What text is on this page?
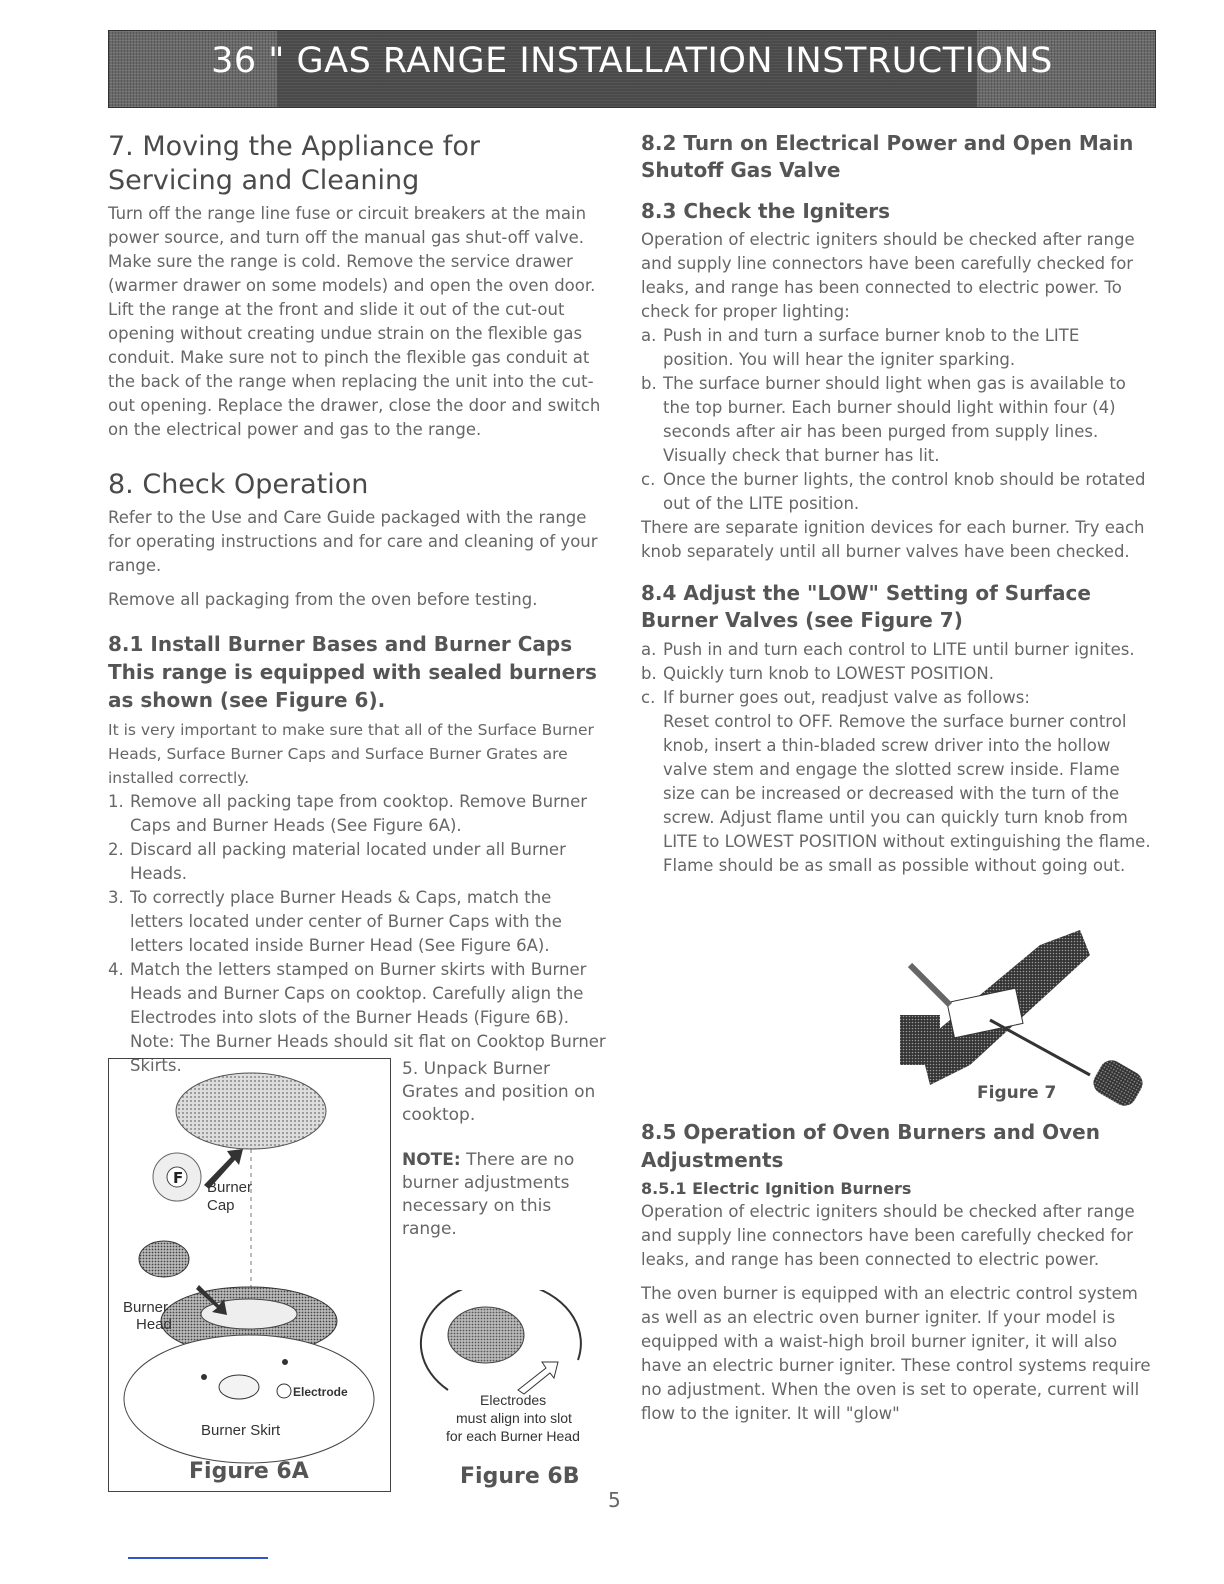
36 " GAS RANGE INSTALLATION INSTRUCTIONS
7. Moving the Appliance for
Servicing and Cleaning

Turn off the range line fuse or circuit breakers at the main power source, and turn off the manual gas shut-off valve. Make sure the range is cold. Remove the service drawer (warmer drawer on some models) and open the oven door. Lift the range at the front and slide it out of the cut-out opening without creating undue strain on the flexible gas conduit. Make sure not to pinch the flexible gas conduit at the back of the range when replacing the unit into the cut-out opening. Replace the drawer, close the door and switch on the electrical power and gas to the range.

8. Check Operation

Refer to the Use and Care Guide packaged with the range for operating instructions and for care and cleaning of your range.

Remove all packaging from the oven before testing.

8.1 Install Burner Bases and Burner Caps
This range is equipped with sealed burners
as shown (see Figure 6).

It is very important to make sure that all of the Surface Burner Heads, Surface Burner Caps and Surface Burner Grates are installed correctly.

1. Remove all packing tape from cooktop. Remove Burner Caps and Burner Heads (See Figure 6A).
2. Discard all packing material located under all Burner Heads.
3. To correctly place Burner Heads & Caps, match the letters located under center of Burner Caps with the letters located inside Burner Head (See Figure 6A).
4. Match the letters stamped on Burner skirts with Burner Heads and Burner Caps on cooktop. Carefully align the Electrodes into slots of the Burner Heads (Figure 6B). Note: The Burner Heads should sit flat on Cooktop Burner Skirts.
F
Burner
Cap
Burner
Head
Electrode
Burner Skirt
Figure 6A

5. Unpack Burner Grates and position on cooktop.

NOTE: There are no burner adjustments necessary on this range.

Electrodes
must align into slot
for each Burner Head
Figure 6B
8.2 Turn on Electrical Power and Open Main
Shutoff Gas Valve
8.3 Check the Igniters

Operation of electric igniters should be checked after range and supply line connectors have been carefully checked for leaks, and range has been connected to electric power. To check for proper lighting:

a. Push in and turn a surface burner knob to the LITE position. You will hear the igniter sparking.
b. The surface burner should light when gas is available to the top burner. Each burner should light within four (4) seconds after air has been purged from supply lines. Visually check that burner has lit.
c. Once the burner lights, the control knob should be rotated out of the LITE position.

There are separate ignition devices for each burner. Try each knob separately until all burner valves have been checked.

8.4 Adjust the "LOW" Setting of Surface
Burner Valves (see Figure 7)
a. Push in and turn each control to LITE until burner ignites.
b. Quickly turn knob to LOWEST POSITION.
c. If burner goes out, readjust valve as follows:

Reset control to OFF. Remove the surface burner control knob, insert a thin-bladed screw driver into the hollow valve stem and engage the slotted screw inside. Flame size can be increased or decreased with the turn of the screw. Adjust flame until you can quickly turn knob from LITE to LOWEST POSITION without extinguishing the flame. Flame should be as small as possible without going out.

Figure 7
8.5 Operation of Oven Burners and Oven
Adjustments
8.5.1 Electric Ignition Burners

Operation of electric igniters should be checked after range and supply line connectors have been carefully checked for leaks, and range has been connected to electric power.

The oven burner is equipped with an electric control system as well as an electric oven burner igniter. If your model is equipped with a waist-high broil burner igniter, it will also have an electric burner igniter. These control systems require no adjustment. When the oven is set to operate, current will flow to the igniter. It will "glow"

5
